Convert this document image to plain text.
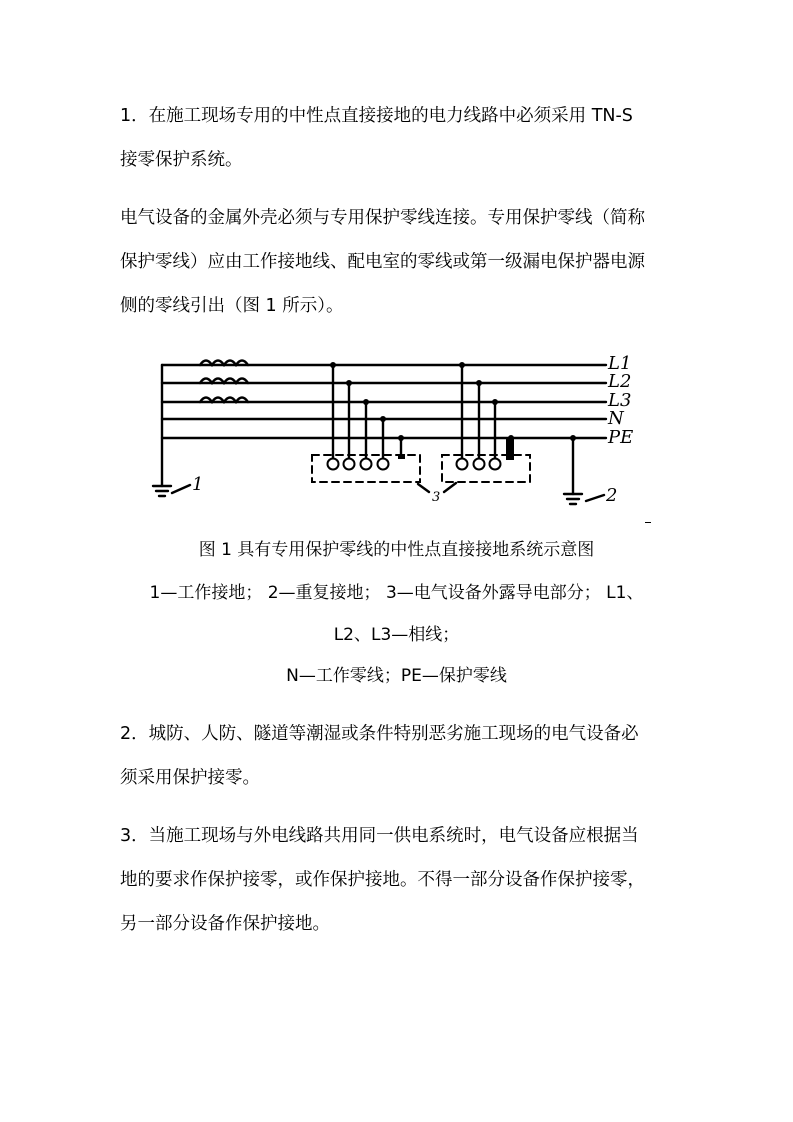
1．在施工现场专用的中性点直接接地的电力线路中必须采用 TN-S
接零保护系统。

电气设备的金属外壳必须与专用保护零线连接。专用保护零线（简称
保护零线）应由工作接地线、配电室的零线或第一级漏电保护器电源
侧的零线引出（图 1 所示）。

L1
L2
L3
N
PE
1
2
3
图 1 具有专用保护零线的中性点直接接地系统示意图
1—工作接地； 2—重复接地； 3—电气设备外露导电部分； L1、
L2、L3—相线；
N—工作零线；PE—保护零线

2．城防、人防、隧道等潮湿或条件特别恶劣施工现场的电气设备必
须采用保护接零。

3．当施工现场与外电线路共用同一供电系统时，电气设备应根据当
地的要求作保护接零，或作保护接地。不得一部分设备作保护接零，
另一部分设备作保护接地。
